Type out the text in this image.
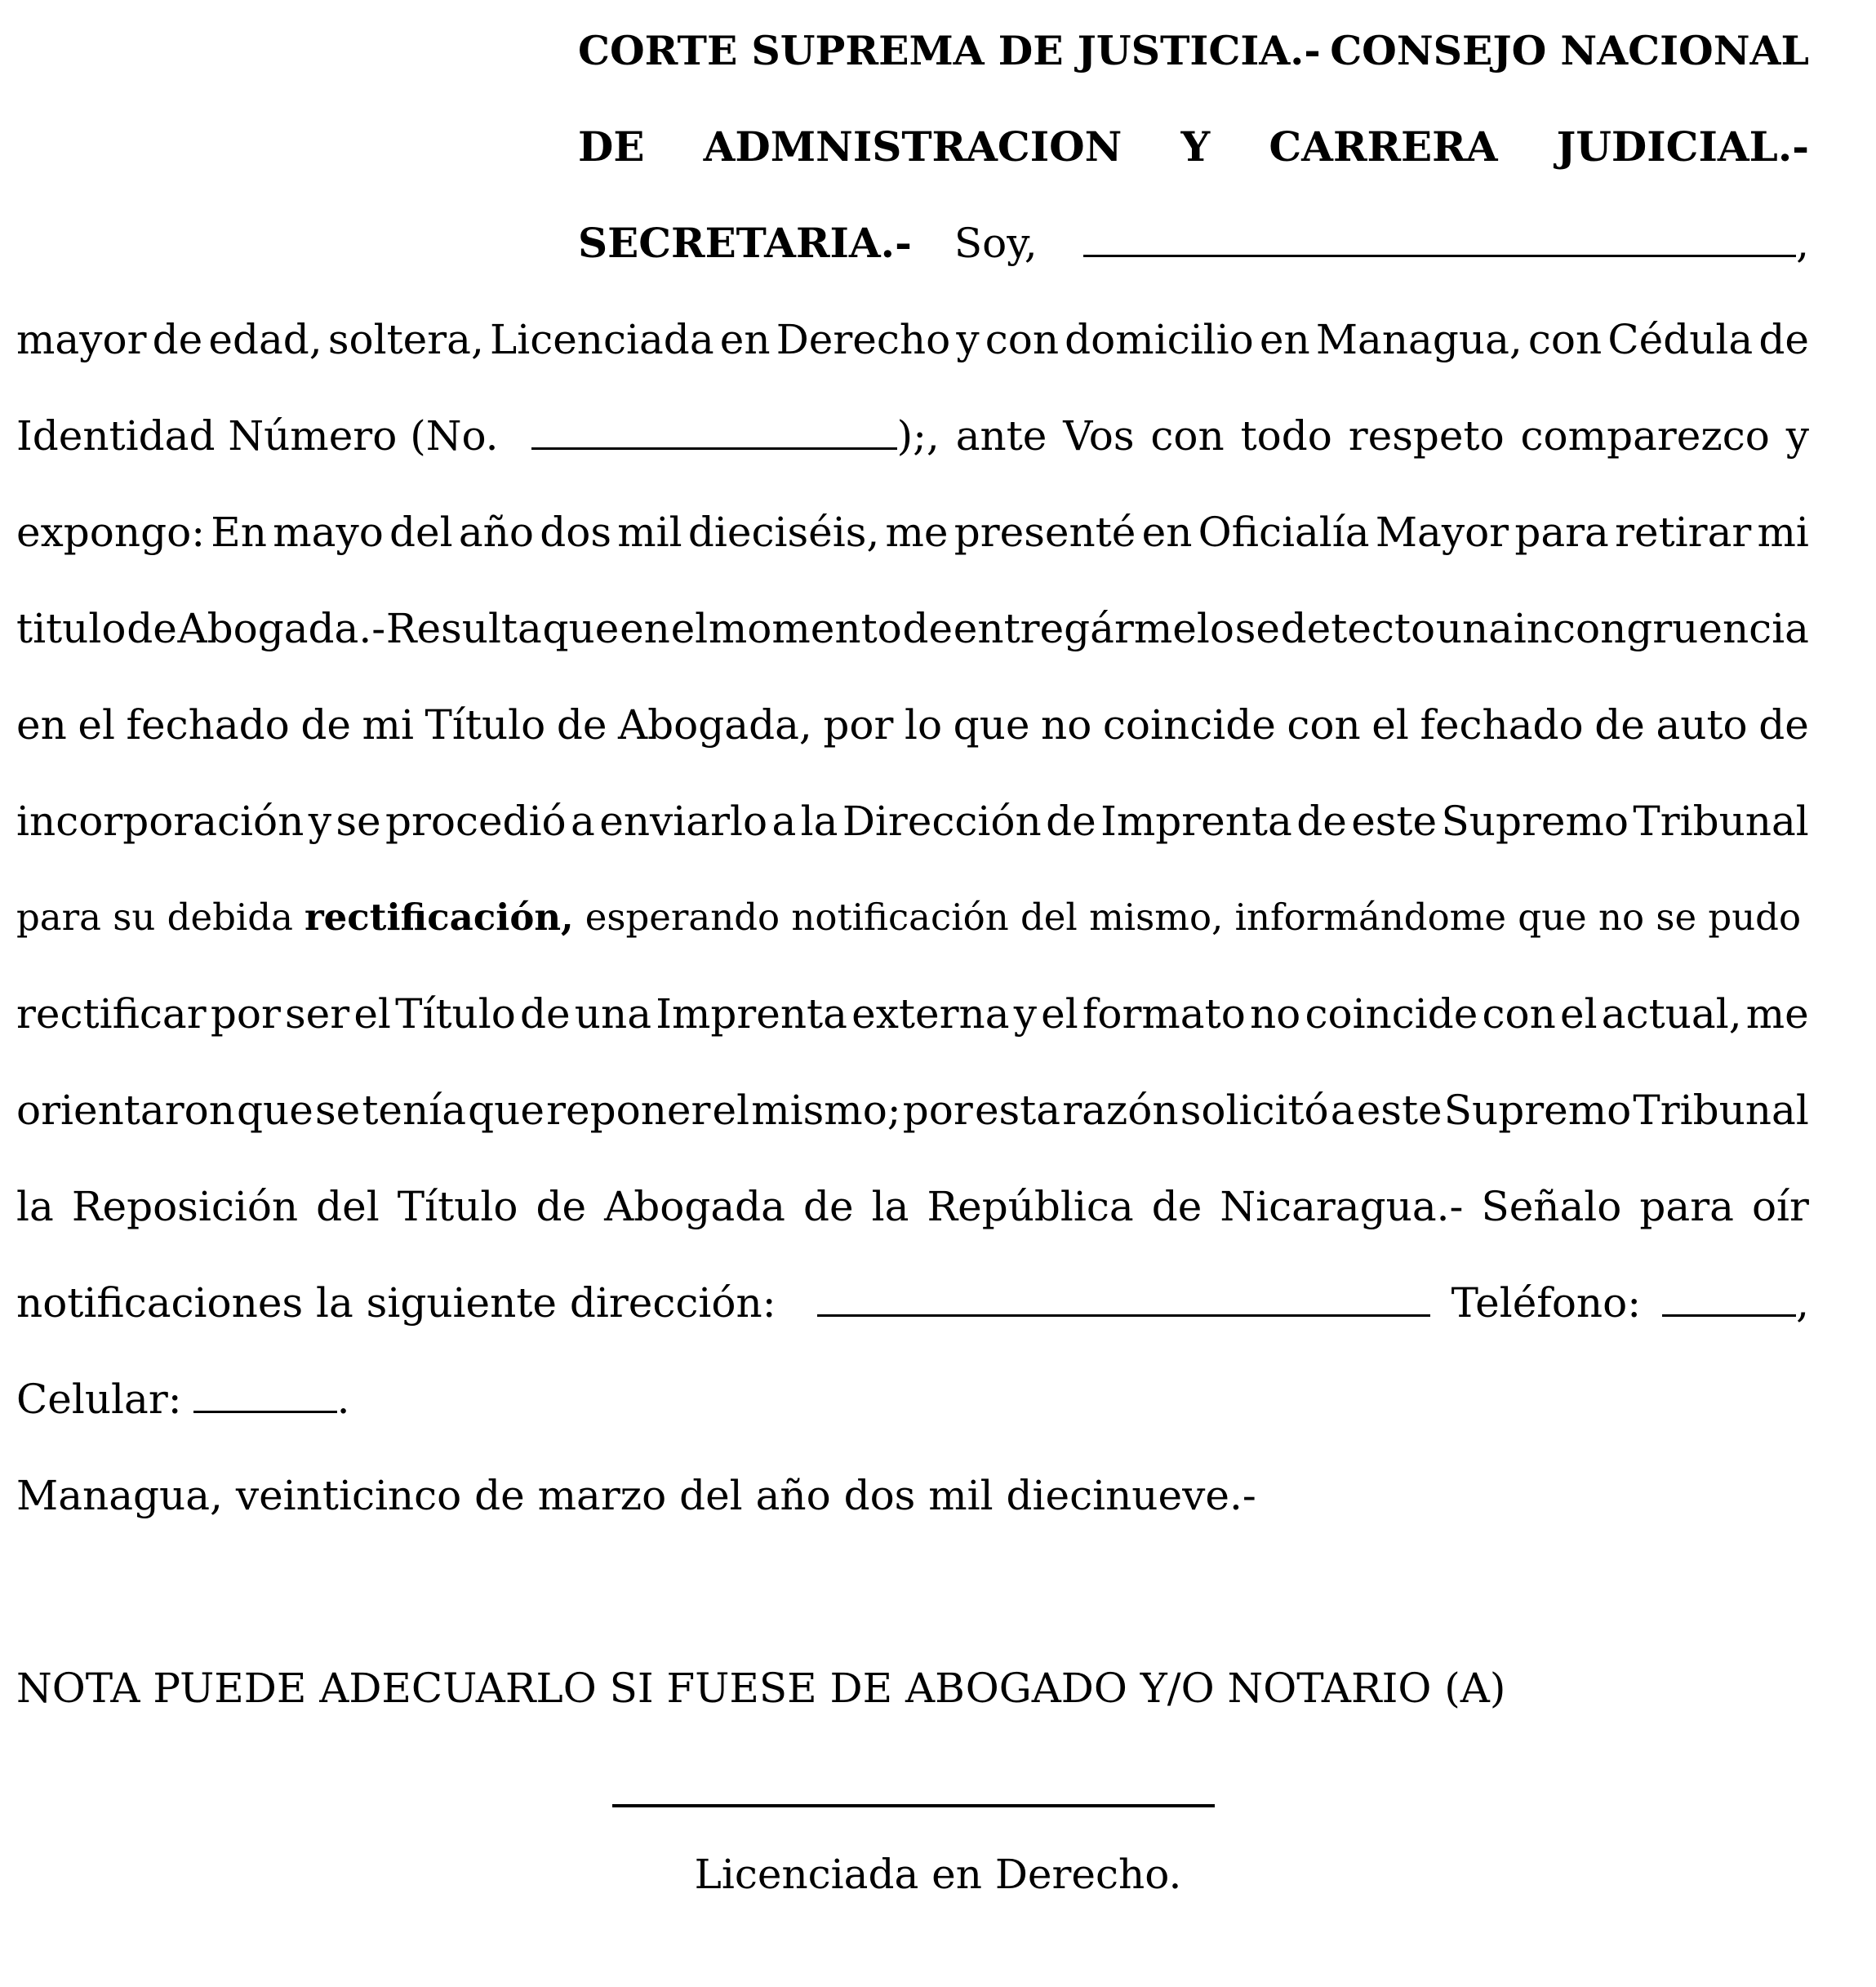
CORTE SUPREMA DE JUSTICIA.- CONSEJO NACIONAL
DE ADMNISTRACION Y CARRERA JUDICIAL.-
SECRETARIA.- Soy,	,
mayor de edad, soltera, Licenciada en Derecho y con domicilio en Managua, con Cédula de
Identidad Número (No.	);, ante Vos con todo respeto comparezco y
expongo: En mayo del año dos mil dieciséis, me presenté en Oficialía Mayor para retirar mi
titulo de Abogada.- Resulta que en el momento de entregármelo se detecto una incongruencia
en el fechado de mi Título de Abogada, por lo que no coincide con el fechado de auto de
incorporación y se procedió a enviarlo a la Dirección de Imprenta de este Supremo Tribunal
para su debida rectificación, esperando notificación del mismo, informándome que no se pudo
rectificar por ser el Título de una Imprenta externa y el formato no coincide con el actual, me
orientaron que se tenía que reponer el mismo; por esta razón solicitó a este Supremo Tribunal
la Reposición del Título de Abogada de la República de Nicaragua.- Señalo para oír
notificaciones la siguiente dirección:	Teléfono:	,
Celular:	.
Managua, veinticinco de marzo del año dos mil diecinueve.-
NOTA PUEDE ADECUARLO SI FUESE DE ABOGADO Y/O NOTARIO (A)
Licenciada en Derecho.
